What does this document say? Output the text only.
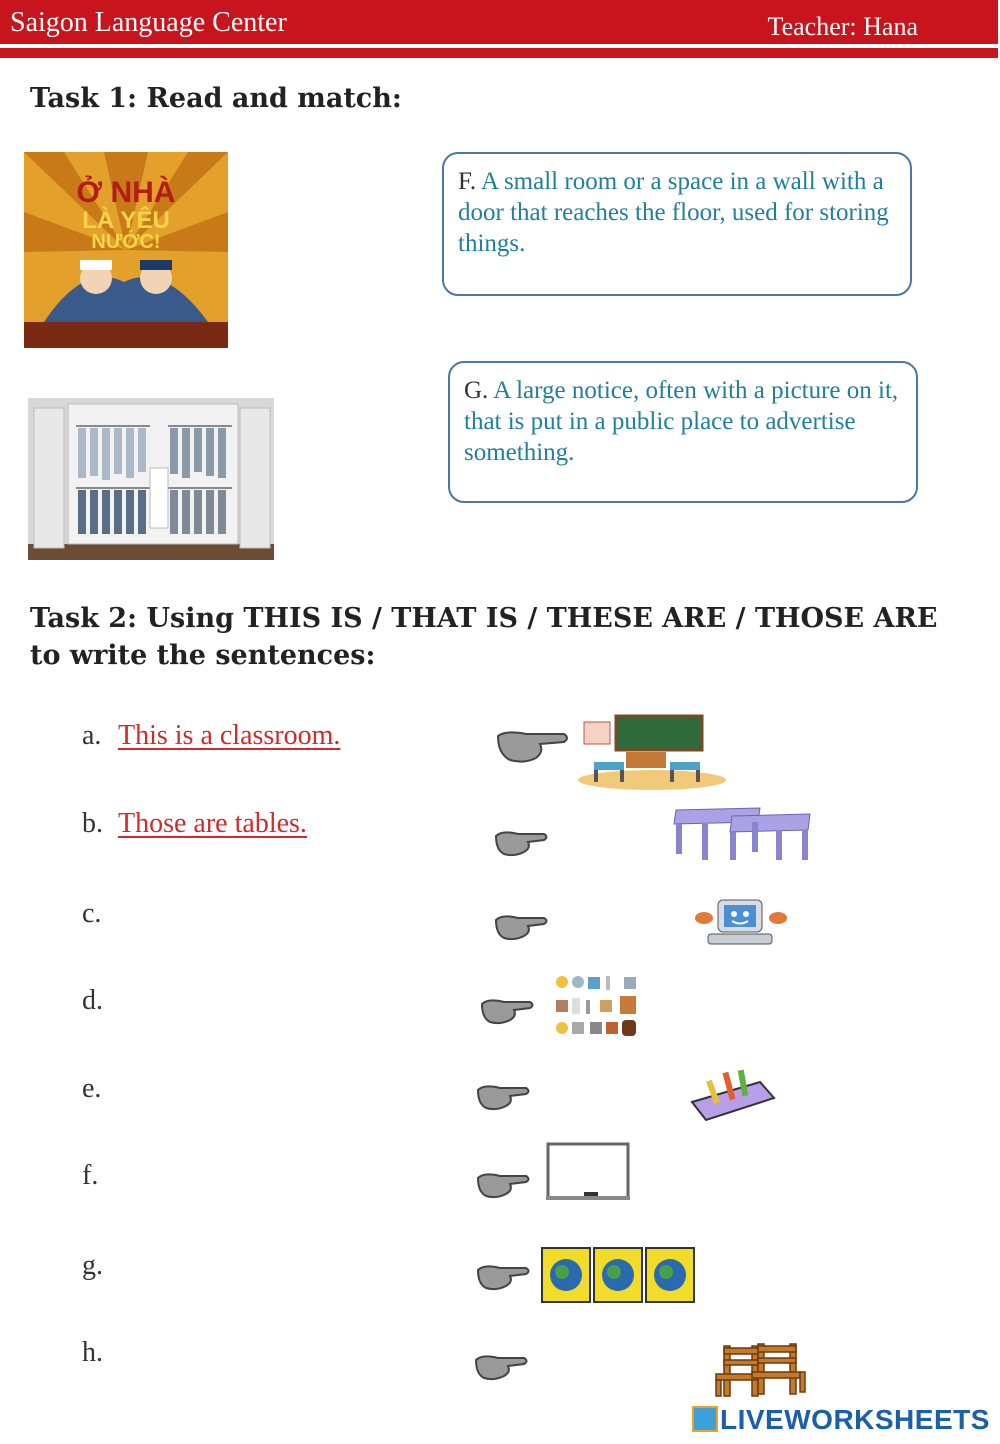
Saigon Language Center	Teacher: Hana
Task 1: Read and match:
Ở NHÀ
LÀ YÊU
NƯỚC!
F. A small room or a space in a wall with a door that reaches the floor, used for storing things.
G. A large notice, often with a picture on it, that is put in a public place to advertise something.
Task 2: Using THIS IS / THAT IS / THESE ARE / THOSE ARE
to write the sentences:
a. This is a classroom.
b. Those are tables.
c.
d.
e.
f.
g.
h.
LIVEWORKSHEETS
